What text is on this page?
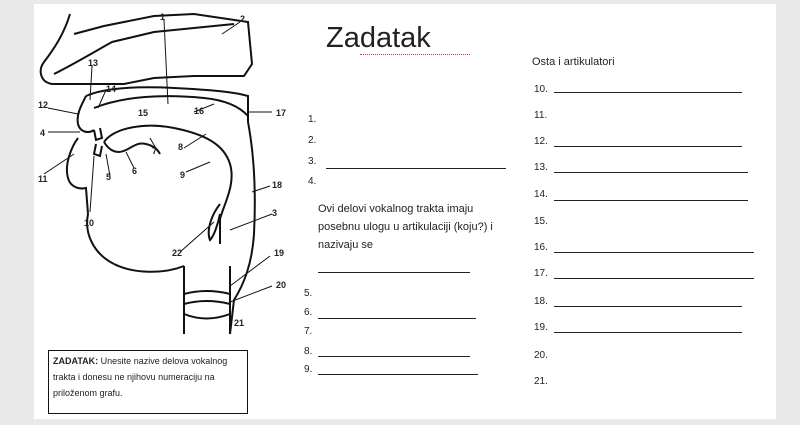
1	2
13
14
15	16	17
12
4
7 8
6	9
11	5
18
3
10
22	19
20
21
Zadatak
1.
2.
3.
4.
Ovi delovi vokalnog trakta imaju posebnu ulogu u artikulaciji (koju?) i nazivaju se
5.
6.
7.
8.
9.
Osta i artikulatori
10.
11.
12.
13.
14.
15.
16.
17.
18.
19.
20.
21.
ZADATAK: Unesite nazive delova vokalnog trakta i donesu ne njihovu numeraciju na priloženom grafu.
